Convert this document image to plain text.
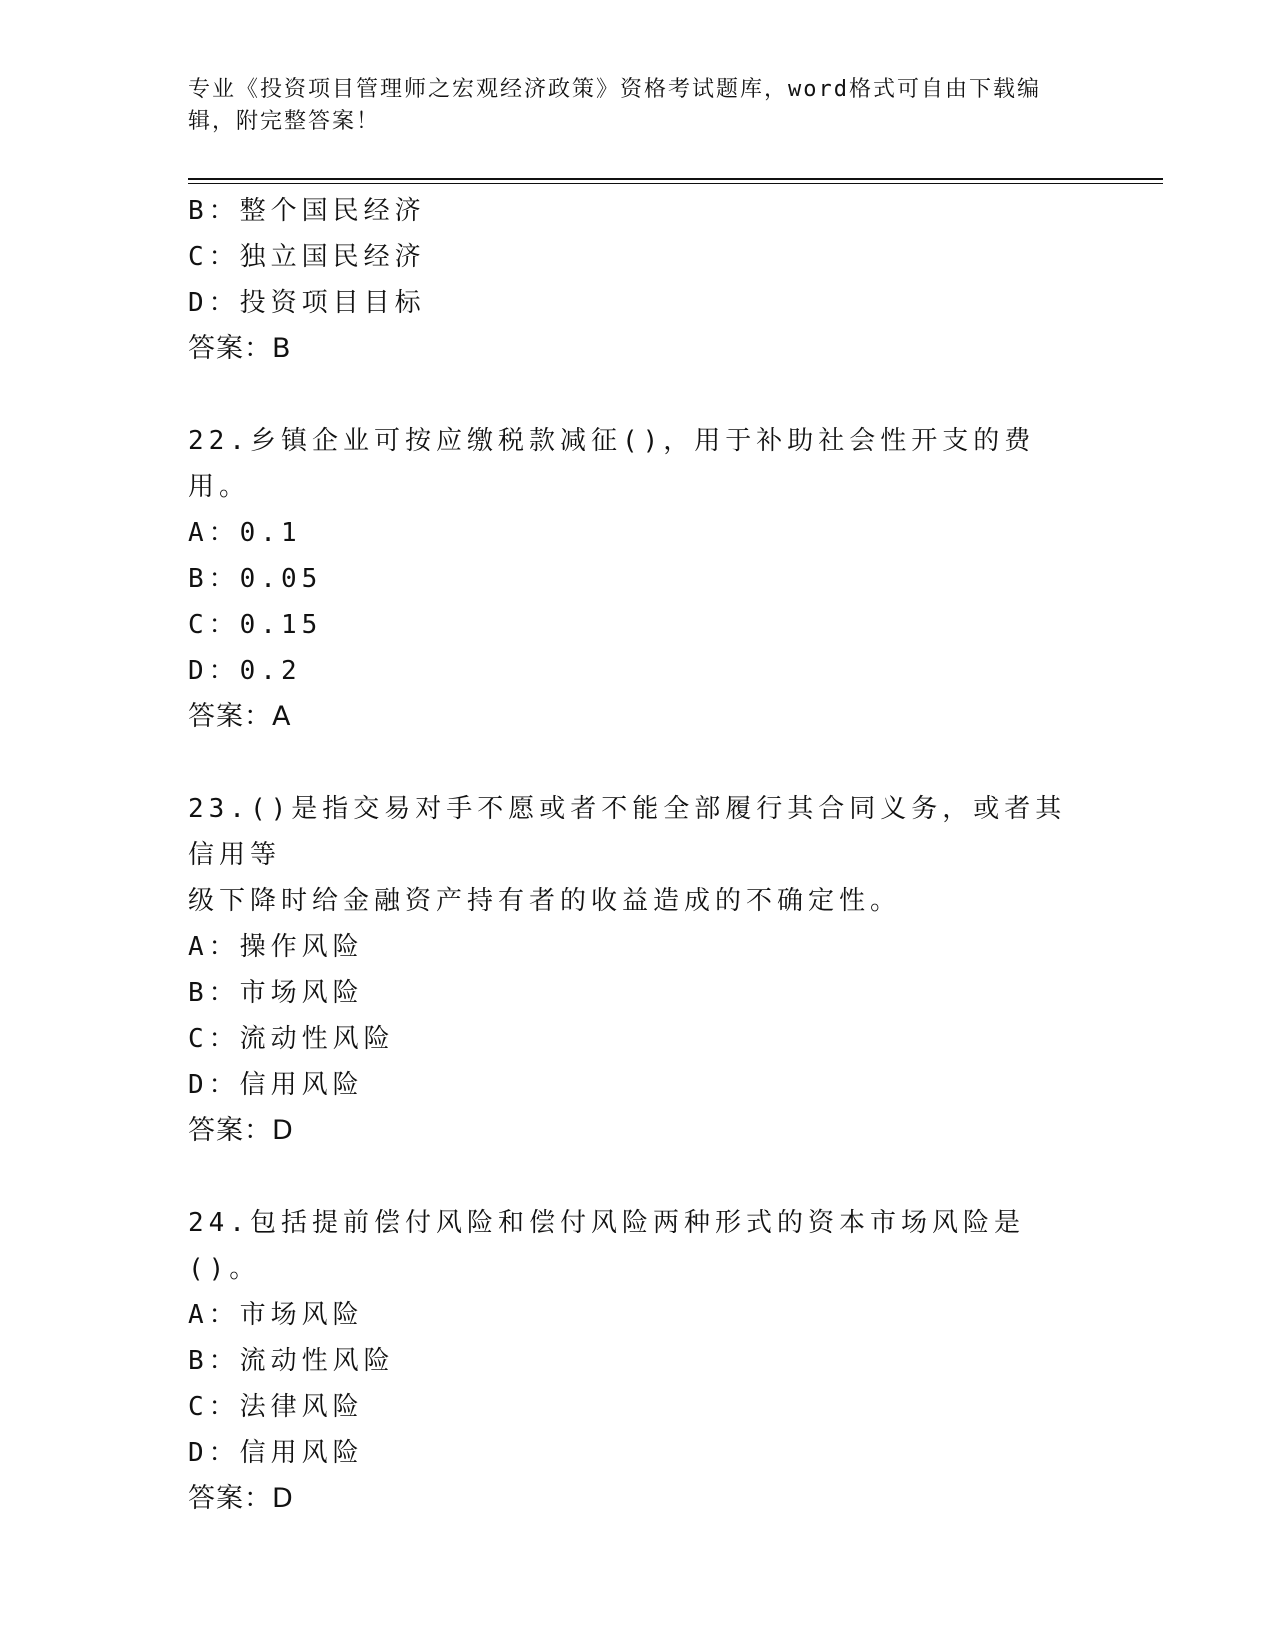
专业《投资项目管理师之宏观经济政策》资格考试题库，word格式可自由下载编辑，附完整答案！
B：整个国民经济
C：独立国民经济
D：投资项目目标
答案：B
22.乡镇企业可按应缴税款减征()，用于补助社会性开支的费用。
A：0.1
B：0.05
C：0.15
D：0.2
答案：A
23.()是指交易对手不愿或者不能全部履行其合同义务，或者其信用等
级下降时给金融资产持有者的收益造成的不确定性。
A：操作风险
B：市场风险
C：流动性风险
D：信用风险
答案：D
24.包括提前偿付风险和偿付风险两种形式的资本市场风险是()。
A：市场风险
B：流动性风险
C：法律风险
D：信用风险
答案：D
